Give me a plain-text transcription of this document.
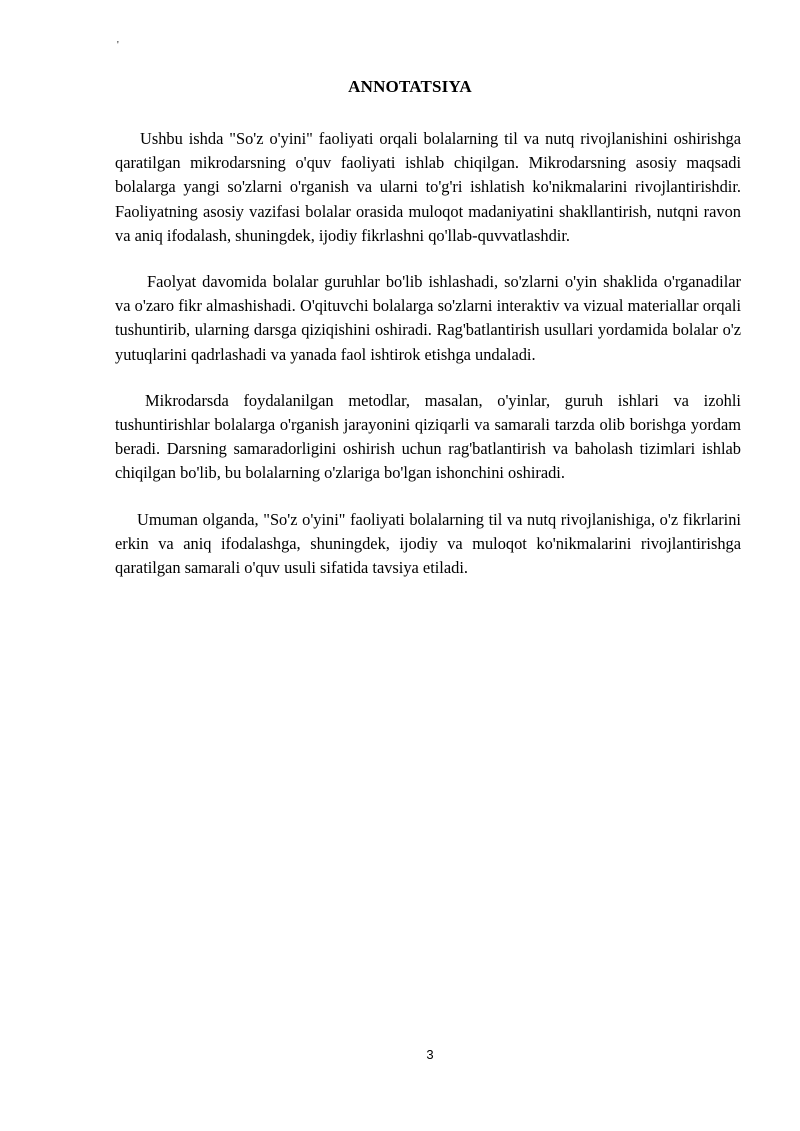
'
ANNOTATSIYA

Ushbu ishda "So'z o'yini" faoliyati orqali bolalarning til va nutq rivojlanishini oshirishga qaratilgan mikrodarsning o'quv faoliyati ishlab chiqilgan. Mikrodarsning asosiy maqsadi bolalarga yangi so'zlarni o'rganish va ularni to'g'ri ishlatish ko'nikmalarini rivojlantirishdir. Faoliyatning asosiy vazifasi bolalar orasida muloqot madaniyatini shakllantirish, nutqni ravon va aniq ifodalash, shuningdek, ijodiy fikrlashni qo'llab-quvvatlashdir.

Faolyat davomida bolalar guruhlar bo'lib ishlashadi, so'zlarni o'yin shaklida o'rganadilar va o'zaro fikr almashishadi. O'qituvchi bolalarga so'zlarni interaktiv va vizual materiallar orqali tushuntirib, ularning darsga qiziqishini oshiradi. Rag'batlantirish usullari yordamida bolalar o'z yutuqlarini qadrlashadi va yanada faol ishtirok etishga undaladi.

Mikrodarsda foydalanilgan metodlar, masalan, o'yinlar, guruh ishlari va izohli tushuntirishlar bolalarga o'rganish jarayonini qiziqarli va samarali tarzda olib borishga yordam beradi. Darsning samaradorligini oshirish uchun rag'batlantirish va baholash tizimlari ishlab chiqilgan bo'lib, bu bolalarning o'zlariga bo'lgan ishonchini oshiradi.

Umuman olganda, "So'z o'yini" faoliyati bolalarning til va nutq rivojlanishiga, o'z fikrlarini erkin va aniq ifodalashga, shuningdek, ijodiy va muloqot ko'nikmalarini rivojlantirishga qaratilgan samarali o'quv usuli sifatida tavsiya etiladi.

3
